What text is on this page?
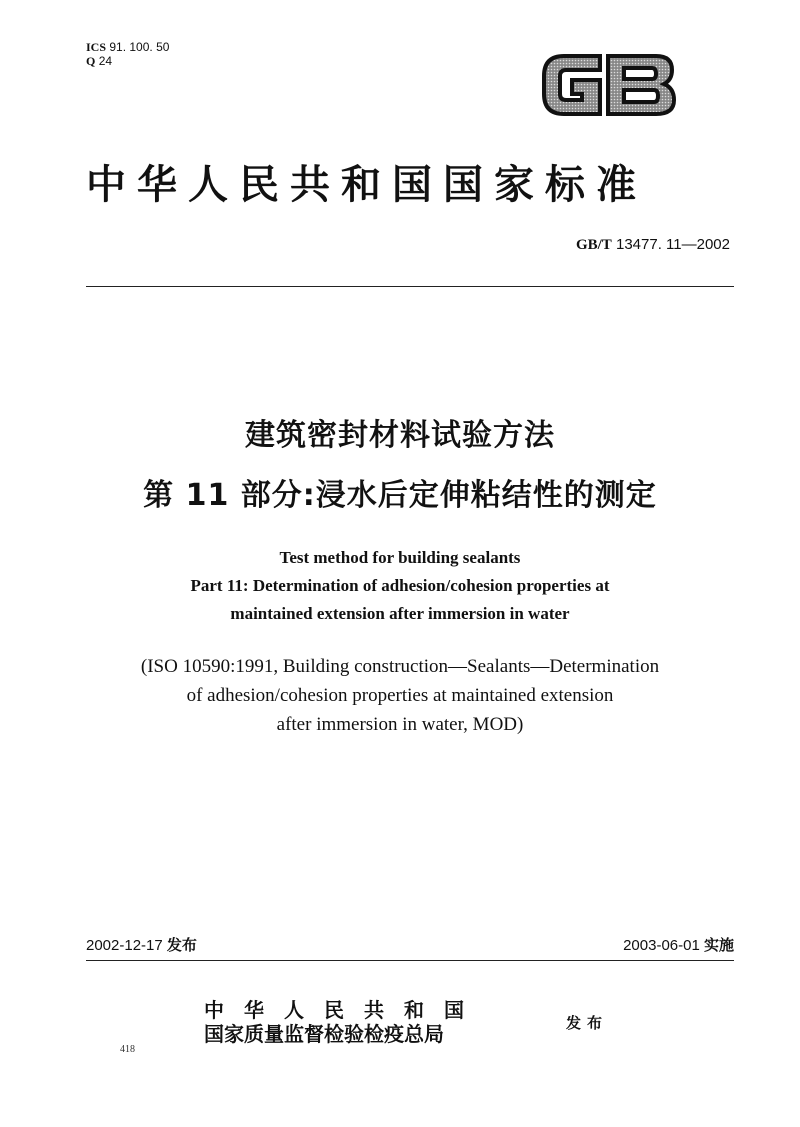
ICS 91. 100. 50
Q 24
中华人民共和国国家标准
GB/T 13477. 11—2002
建筑密封材料试验方法
第 11 部分:浸水后定伸粘结性的测定
Test method for building sealants
Part 11: Determination of adhesion/cohesion properties at
maintained extension after immersion in water
(ISO 10590:1991, Building construction—Sealants—Determination
of adhesion/cohesion properties at maintained extension
after immersion in water, MOD)
2002-12-17 发布	2003-06-01 实施
中华人民共和国
国家质量监督检验检疫总局	发布
418
